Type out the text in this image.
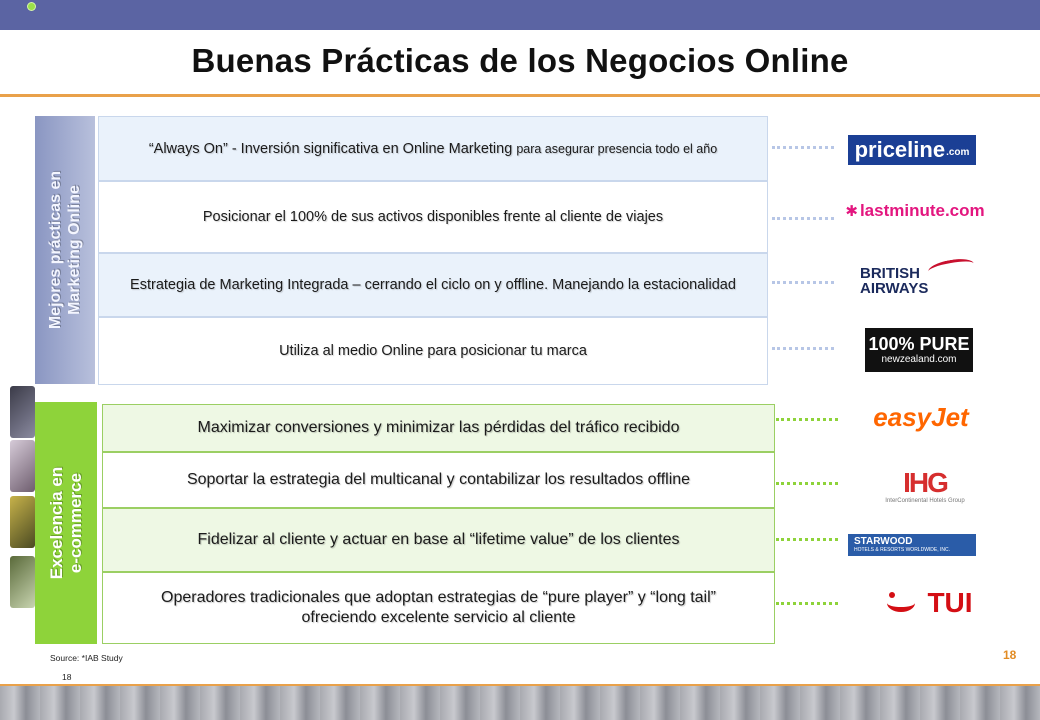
Buenas Prácticas de los Negocios Online
Mejores prácticas en Marketing Online
“Always On” - Inversión significativa en Online Marketing para asegurar presencia todo el año
Posicionar el 100% de sus activos disponibles frente al cliente de viajes
Estrategia de Marketing Integrada – cerrando el ciclo on y offline. Manejando la estacionalidad
Utiliza al medio Online para posicionar tu marca
Excelencia en e-commerce
Maximizar conversiones y minimizar las pérdidas del tráfico recibido
Soportar la estrategia del multicanal y contabilizar los resultados offline
Fidelizar al cliente y actuar en base al “lifetime value” de los clientes
Operadores tradicionales que adoptan estrategias de “pure player” y “long tail” ofreciendo excelente servicio al cliente
priceline .com
✱ lastminute.com
BRITISH
AIRWAYS
100% PURE
newzealand.com
easyJet
IHG
InterContinental Hotels Group
STARWOOD
HOTELS & RESORTS WORLDWIDE, INC.
TUI
Source: *IAB Study
18
18
